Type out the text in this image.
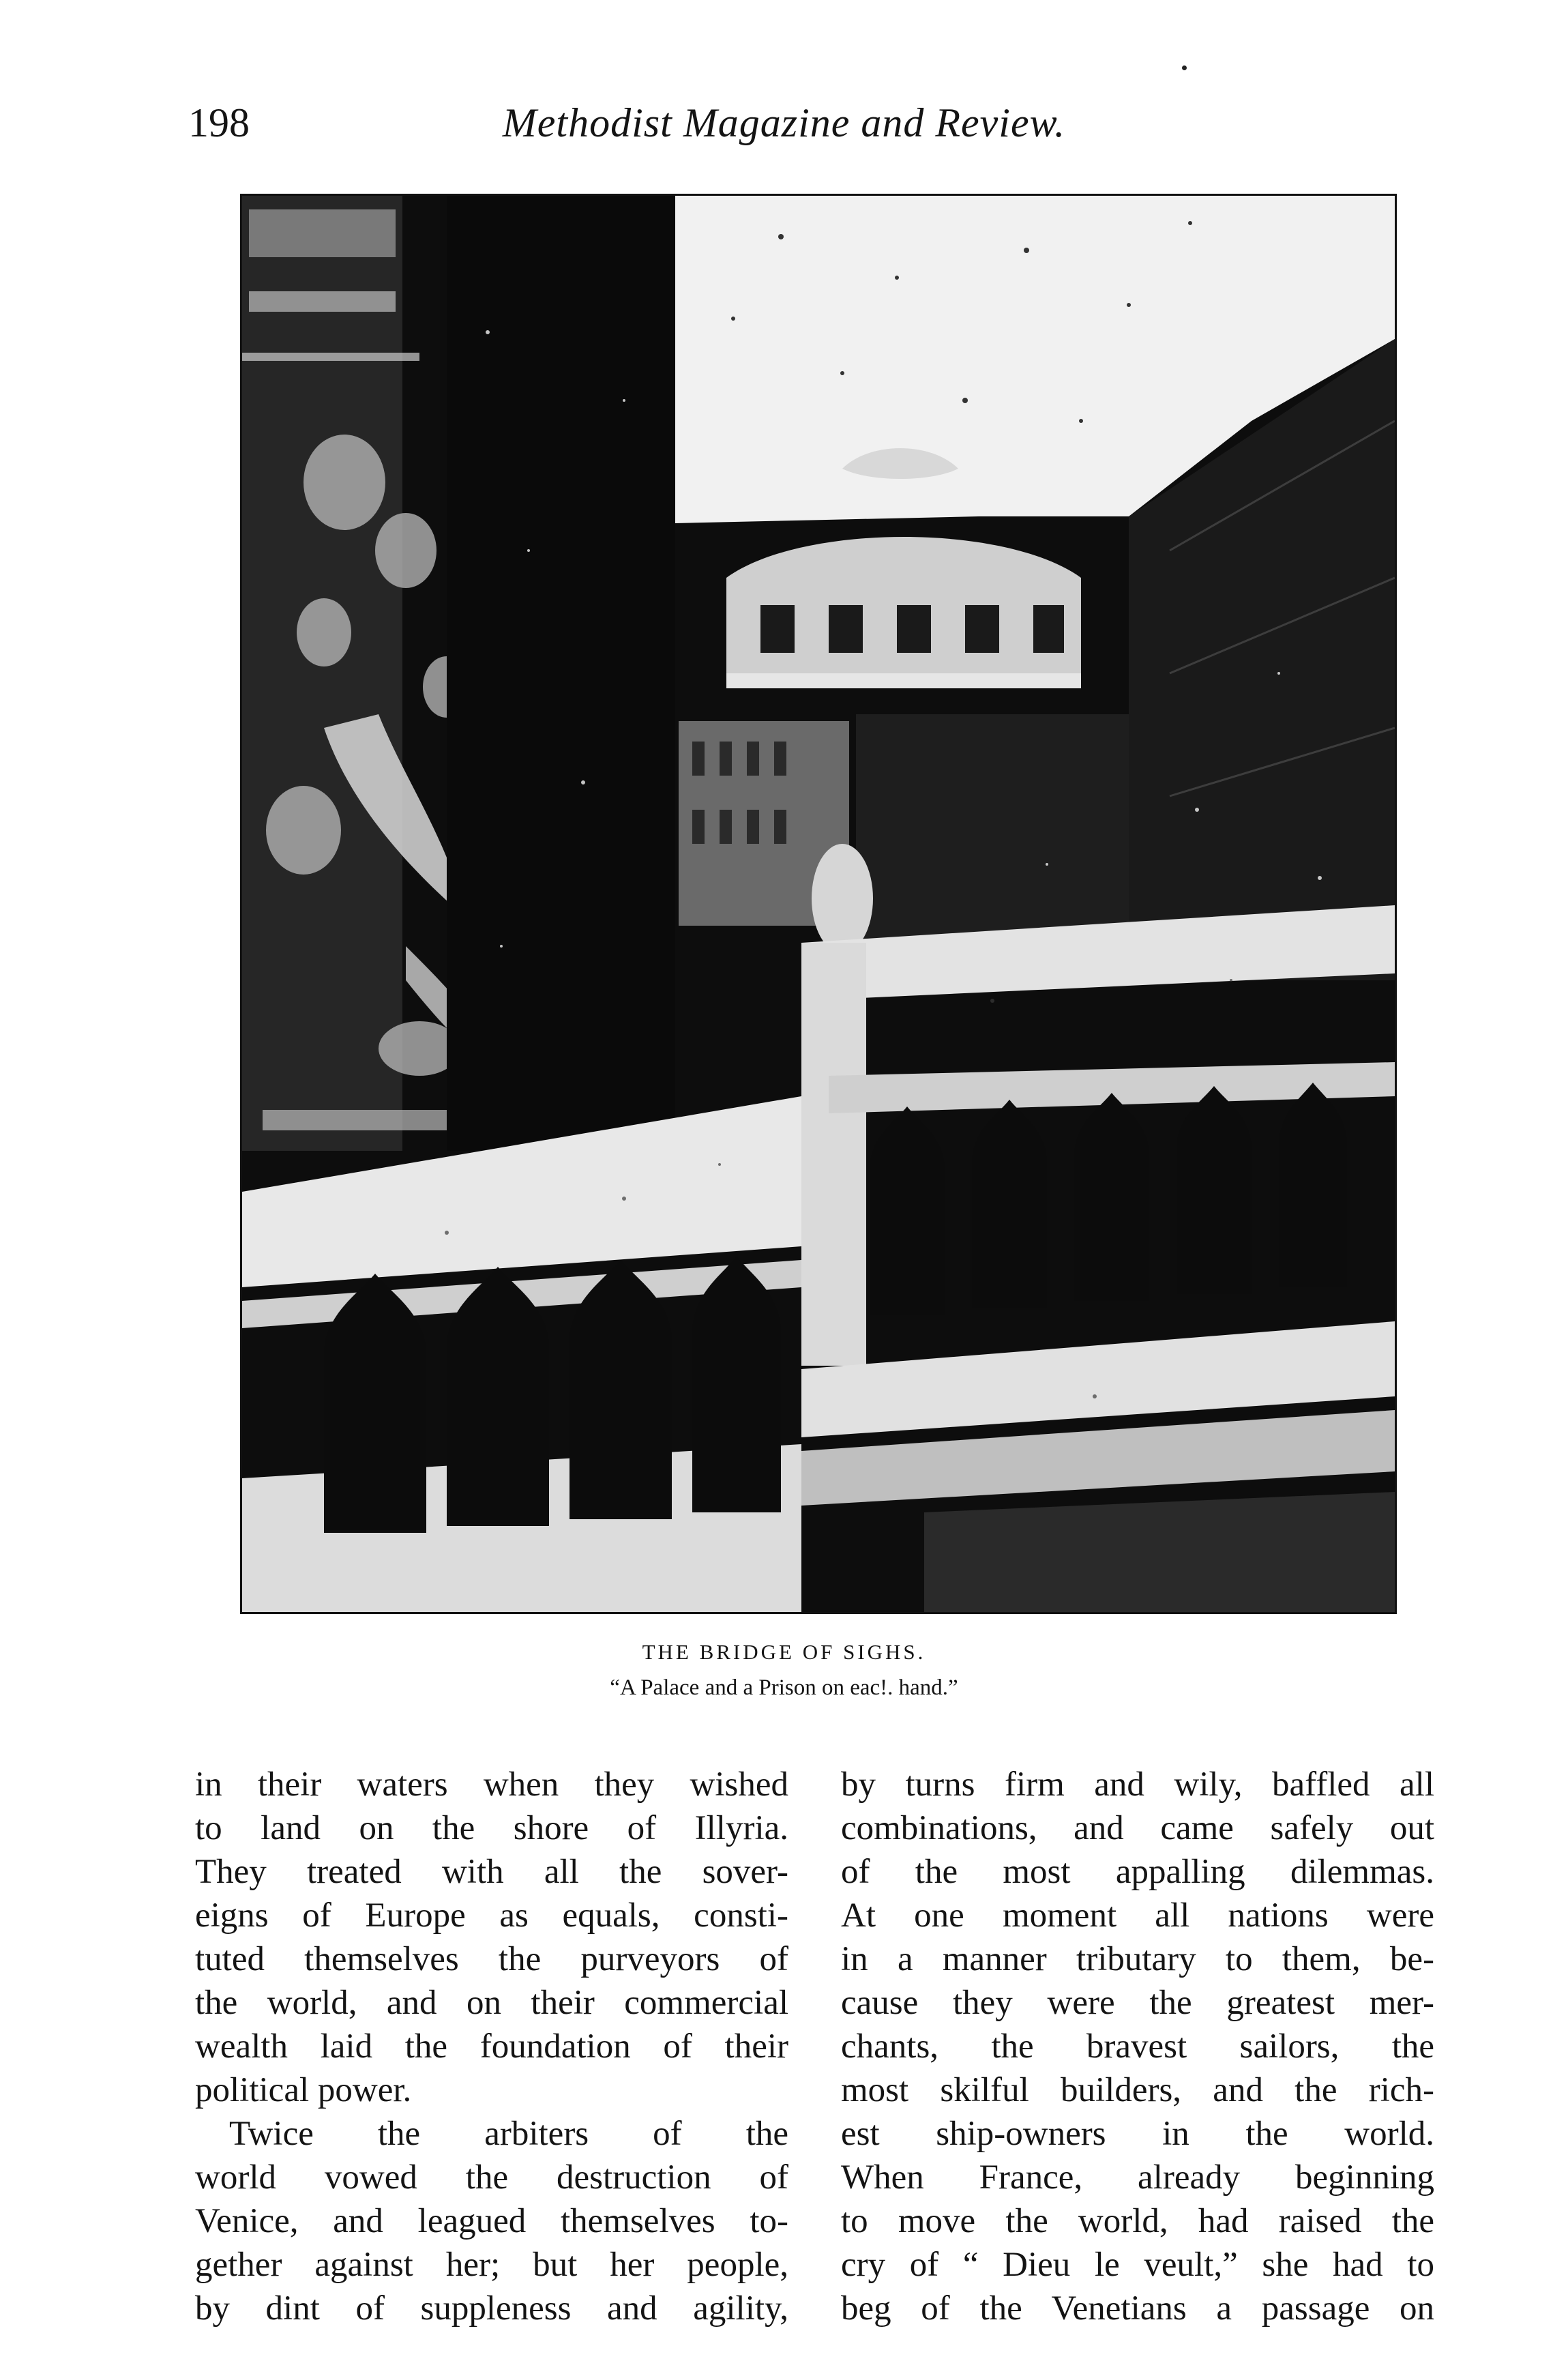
198	Methodist Magazine and Review.
THE BRIDGE OF SIGHS.
“A Palace and a Prison on eac!. hand.”
in their waters when they wished
to land on the shore of Illyria.
They treated with all the sover-
eigns of Europe as equals, consti-
tuted themselves the purveyors of
the world, and on their commercial
wealth laid the foundation of their
political power.
Twice the arbiters of the
world vowed the destruction of
Venice, and leagued themselves to-
gether against her; but her people,
by dint of suppleness and agility,
by turns firm and wily, baffled all
combinations, and came safely out
of the most appalling dilemmas.
At one moment all nations were
in a manner tributary to them, be-
cause they were the greatest mer-
chants, the bravest sailors, the
most skilful builders, and the rich-
est ship-owners in the world.
When France, already beginning
to move the world, had raised the
cry of “ Dieu le veult,” she had to
beg of the Venetians a passage on
